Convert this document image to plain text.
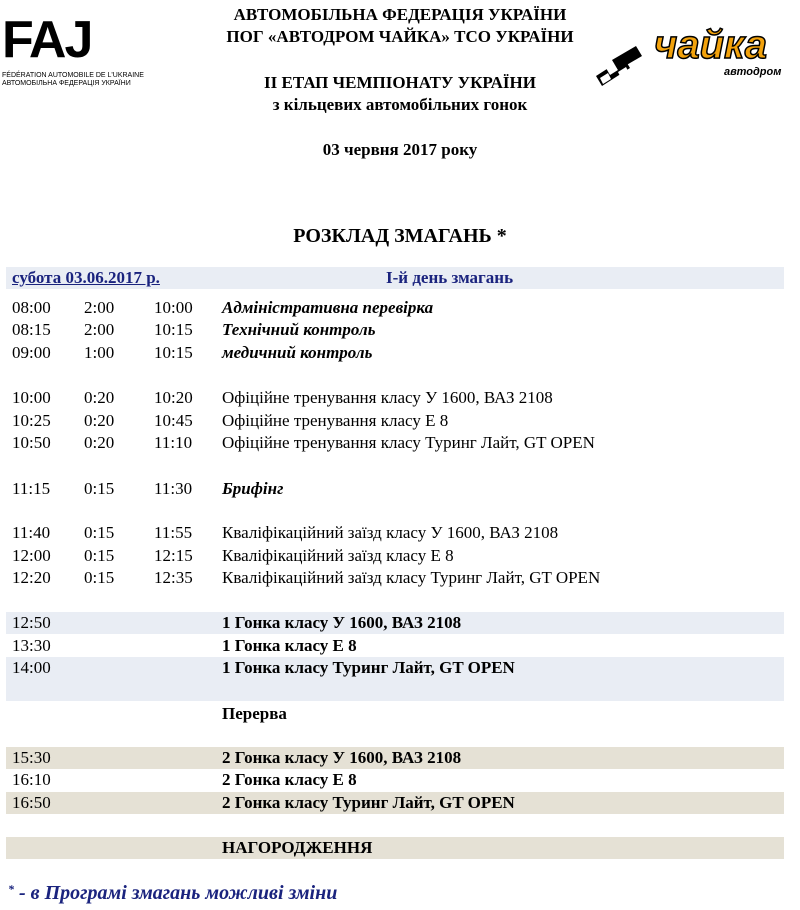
FAJ
FÉDÉRATION AUTOMOBILE DE L'UKRAINE
АВТОМОБІЛЬНА ФЕДЕРАЦІЯ УКРАЇНИ
чайка
автодром
АВТОМОБІЛЬНА ФЕДЕРАЦІЯ УКРАЇНИ
ПОГ «АВТОДРОМ ЧАЙКА» ТСО УКРАЇНИ
ІІ ЕТАП ЧЕМПІОНАТУ УКРАЇНИ
з кільцевих автомобільних гонок
03 червня 2017 року
РОЗКЛАД ЗМАГАНЬ *
субота 03.06.2017 р.	І-й день змагань
08:00 2:00 10:00 Адміністративна перевірка
08:15 2:00 10:15 Технічний контроль
09:00 1:00 10:15 медичний контроль
10:00 0:20 10:20 Офіційне тренування класу У 1600, ВАЗ 2108
10:25 0:20 10:45 Офіційне тренування класу Е 8
10:50 0:20 11:10 Офіційне тренування класу Туринг Лайт, GT OPEN
11:15 0:15 11:30 Брифінг
11:40 0:15 11:55 Кваліфікаційний заїзд класу У 1600, ВАЗ 2108
12:00 0:15 12:15 Кваліфікаційний заїзд класу Е 8
12:20 0:15 12:35 Кваліфікаційний заїзд класу Туринг Лайт, GT OPEN
12:50	1 Гонка класу У 1600, ВАЗ 2108
13:30	1 Гонка класу Е 8
14:00	1 Гонка класу Туринг Лайт, GT OPEN
Перерва
15:30	2 Гонка класу У 1600, ВАЗ 2108
16:10	2 Гонка класу Е 8
16:50	2 Гонка класу Туринг Лайт, GT OPEN
НАГОРОДЖЕННЯ
* - в Програмі змагань можливі зміни
